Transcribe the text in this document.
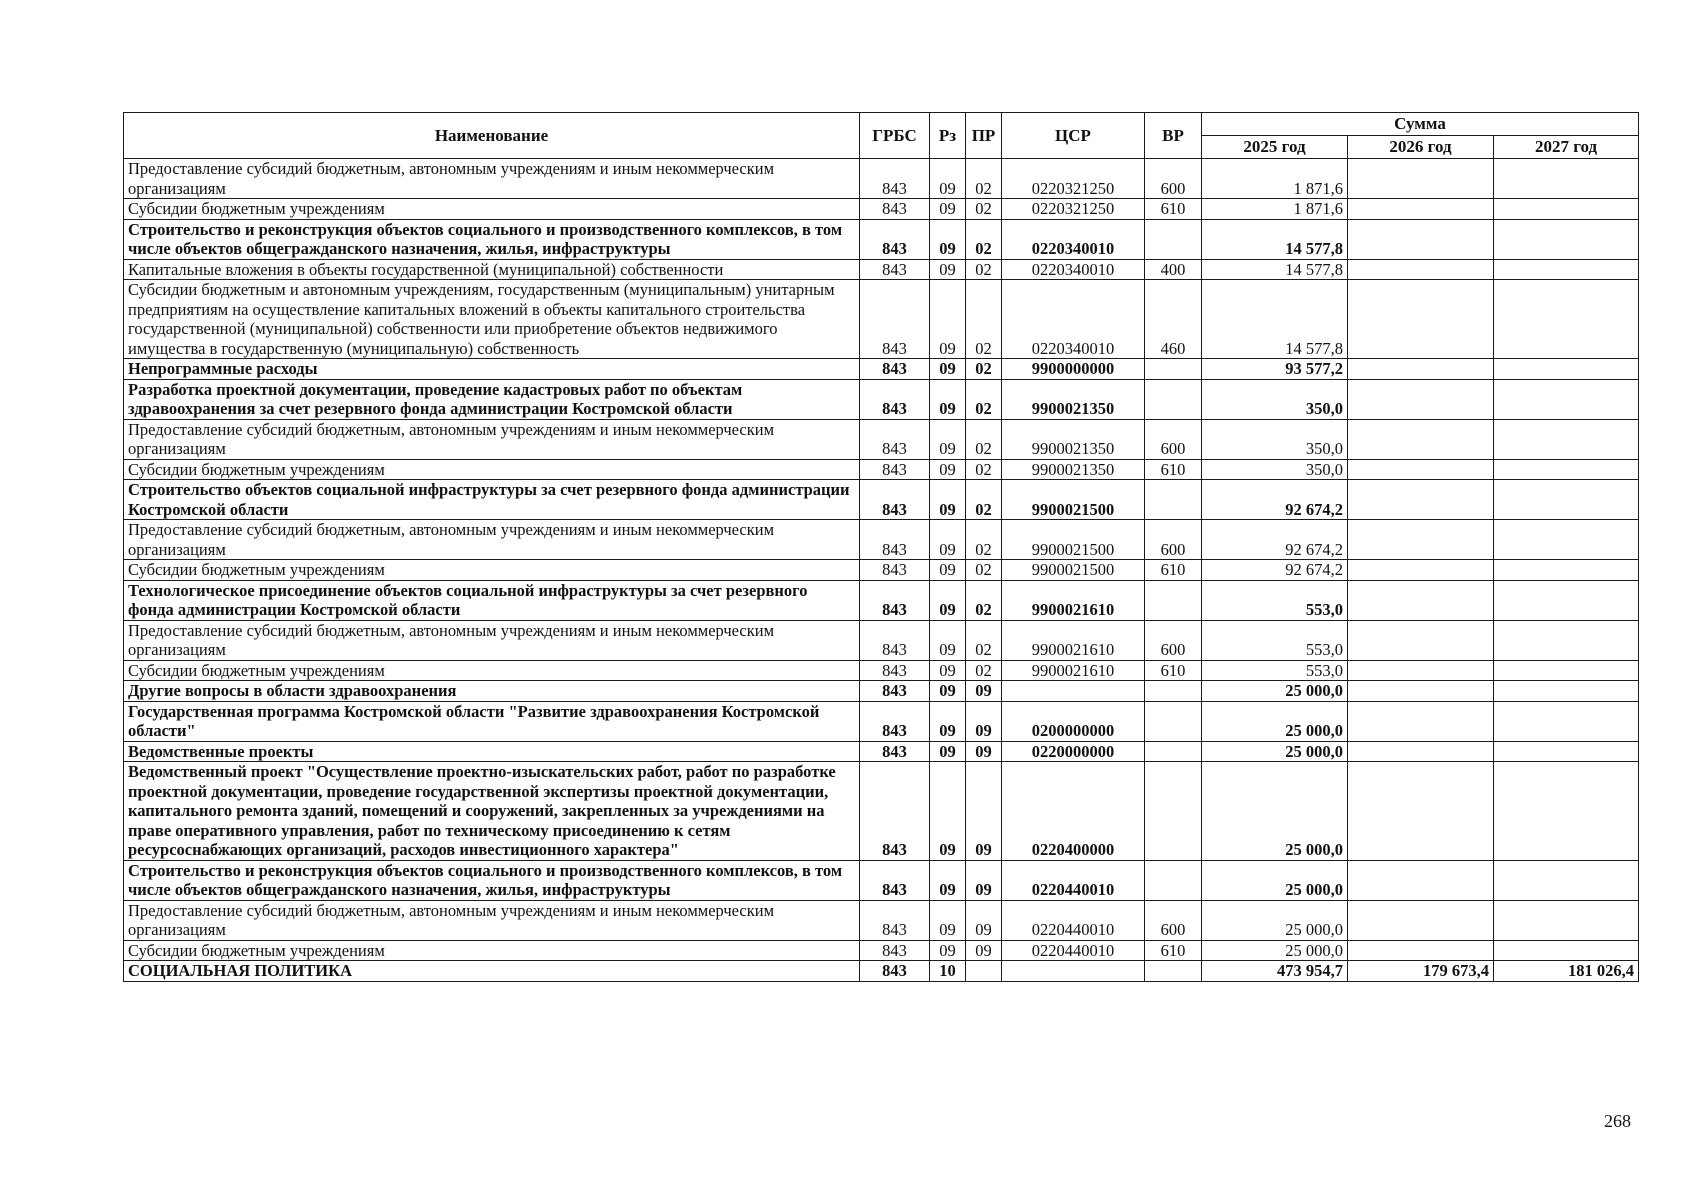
Наименование	ГРБС	Рз	ПР	ЦСР	ВР	Сумма		
						2025 год	2026 год	2027 год
Предоставление субсидий бюджетным, автономным учреждениям и иным некоммерческим организациям	843	09	02	0220321250	600	1 871,6		
Субсидии бюджетным учреждениям	843	09	02	0220321250	610	1 871,6		
Строительство и реконструкция объектов социального и производственного комплексов, в том числе объектов общегражданского назначения, жилья, инфраструктуры	843	09	02	0220340010		14 577,8		
Капитальные вложения в объекты государственной (муниципальной) собственности	843	09	02	0220340010	400	14 577,8		
Субсидии бюджетным и автономным учреждениям, государственным (муниципальным) унитарным предприятиям на осуществление капитальных вложений в объекты капитального строительства государственной (муниципальной) собственности или приобретение объектов недвижимого имущества в государственную (муниципальную) собственность	843	09	02	0220340010	460	14 577,8		
Непрограммные расходы	843	09	02	9900000000		93 577,2		
Разработка проектной документации, проведение кадастровых работ по объектам здравоохранения за счет резервного фонда администрации Костромской области	843	09	02	9900021350		350,0		
Предоставление субсидий бюджетным, автономным учреждениям и иным некоммерческим организациям	843	09	02	9900021350	600	350,0		
Субсидии бюджетным учреждениям	843	09	02	9900021350	610	350,0		
Строительство объектов социальной инфраструктуры за счет резервного фонда администрации Костромской области	843	09	02	9900021500		92 674,2		
Предоставление субсидий бюджетным, автономным учреждениям и иным некоммерческим организациям	843	09	02	9900021500	600	92 674,2		
Субсидии бюджетным учреждениям	843	09	02	9900021500	610	92 674,2		
Технологическое присоединение объектов социальной инфраструктуры за счет резервного фонда администрации Костромской области	843	09	02	9900021610		553,0		
Предоставление субсидий бюджетным, автономным учреждениям и иным некоммерческим организациям	843	09	02	9900021610	600	553,0		
Субсидии бюджетным учреждениям	843	09	02	9900021610	610	553,0		
Другие вопросы в области здравоохранения	843	09	09			25 000,0		
Государственная программа Костромской области "Развитие здравоохранения Костромской области"	843	09	09	0200000000		25 000,0		
Ведомственные проекты	843	09	09	0220000000		25 000,0		
Ведомственный проект "Осуществление проектно-изыскательских работ, работ по разработке проектной документации, проведение государственной экспертизы проектной документации, капитального ремонта зданий, помещений и сооружений, закрепленных за учреждениями на праве оперативного управления, работ по техническому присоединению к сетям ресурсоснабжающих организаций, расходов инвестиционного характера"	843	09	09	0220400000		25 000,0		
Строительство и реконструкция объектов социального и производственного комплексов, в том числе объектов общегражданского назначения, жилья, инфраструктуры	843	09	09	0220440010		25 000,0		
Предоставление субсидий бюджетным, автономным учреждениям и иным некоммерческим организациям	843	09	09	0220440010	600	25 000,0		
Субсидии бюджетным учреждениям	843	09	09	0220440010	610	25 000,0		
СОЦИАЛЬНАЯ ПОЛИТИКА	843	10				473 954,7	179 673,4	181 026,4
268
